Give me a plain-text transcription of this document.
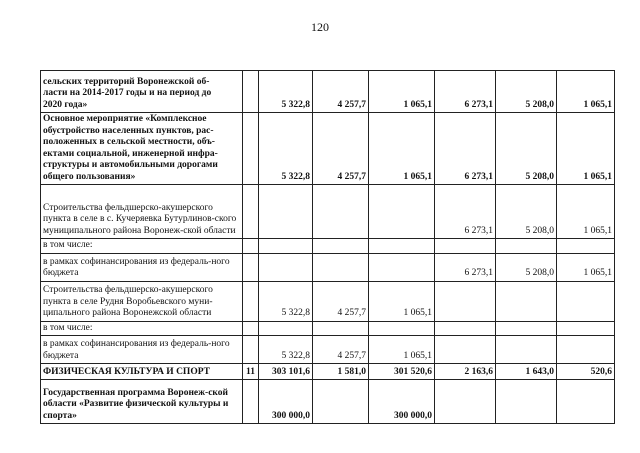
120
сельских территорий Воронежской об-
ласти на 2014-2017 годы и на период до
2020 года»		5 322,8	4 257,7	1 065,1	6 273,1	5 208,0	1 065,1
Основное мероприятие «Комплексное обустройство населенных пунктов, рас-положенных в сельской местности, объ-ектами социальной, инженерной инфра-структуры и автомобильными дорогами общего пользования»		5 322,8	4 257,7	1 065,1	6 273,1	5 208,0	1 065,1
Строительства фельдшерско-акушерского пункта в селе в с. Кучеряевка Бутурлинов-ского муниципального района Воронеж-ской области					6 273,1	5 208,0	1 065,1
в том числе:							
в рамках софинансирования из федераль-ного бюджета					6 273,1	5 208,0	1 065,1
Строительства фельдшерско-акушерского пункта в селе Рудня Воробьевского муни-ципального района Воронежской области		5 322,8	4 257,7	1 065,1			
в том числе:							
в рамках софинансирования из федераль-ного бюджета		5 322,8	4 257,7	1 065,1			
ФИЗИЧЕСКАЯ КУЛЬТУРА И СПОРТ	11	303 101,6	1 581,0	301 520,6	2 163,6	1 643,0	520,6
Государственная программа Воронеж-ской области «Развитие физической культуры и спорта»		300 000,0		300 000,0			
